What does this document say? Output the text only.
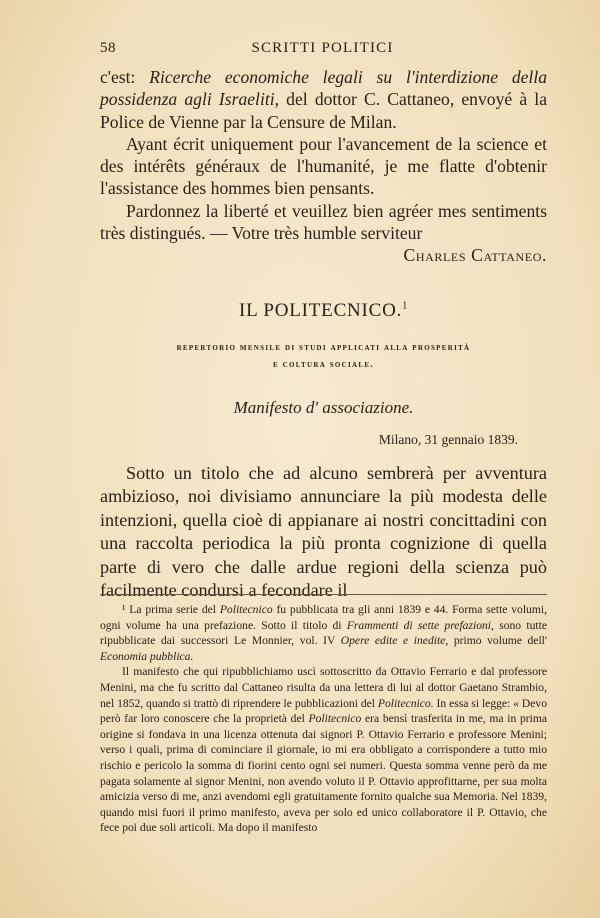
58	SCRITTI POLITICI

c'est: Ricerche economiche legali su l'interdizione della possidenza agli Israeliti, del dottor C. Cattaneo, envoyé à la Police de Vienne par la Censure de Milan.

Ayant écrit uniquement pour l'avancement de la science et des intérêts généraux de l'humanité, je me flatte d'obtenir l'assistance des hommes bien pensants.

Pardonnez la liberté et veuillez bien agréer mes sentiments très distingués. — Votre très humble serviteur

Charles Cattaneo.

IL POLITECNICO.$^1$
repertorio mensile di studi applicati alla prosperità
e coltura sociale.
Manifesto d' associazione.
Milano, 31 gennaio 1839.

Sotto un titolo che ad alcuno sembrerà per avventura ambizioso, noi divisiamo annunciare la più modesta delle intenzioni, quella cioè di appianare ai nostri concittadini con una raccolta periodica la più pronta cognizione di quella parte di vero che dalle ardue regioni della scienza può facilmente condursi a fecondare il

¹ La prima serie del Politecnico fu pubblicata tra gli anni 1839 e 44. Forma sette volumi, ogni volume ha una prefazione. Sotto il titolo di Frammenti di sette prefazioni, sono tutte ripubblicate dai successori Le Monnier, vol. IV Opere edite e inedite, primo volume dell' Economia pubblica.

Il manifesto che qui ripubblichiamo uscì sottoscritto da Ottavio Ferrario e dal professore Menini, ma che fu scritto dal Cattaneo risulta da una lettera di lui al dottor Gaetano Strambio, nel 1852, quando si trattò di riprendere le pubblicazioni del Politecnico. In essa si legge: « Devo però far loro conoscere che la proprietà del Politecnico era bensì trasferita in me, ma in prima origine si fondava in una licenza ottenuta dai signori P. Ottavio Ferrario e professore Menini; verso i quali, prima di cominciare il giornale, io mi era obbligato a corrispondere a tutto mio rischio e pericolo la somma di fiorini cento ogni sei numeri. Questa somma venne però da me pagata solamente al signor Menini, non avendo voluto il P. Ottavio approfittarne, per sua molta amicizia verso di me, anzi avendomi egli gratuitamente fornito qualche sua Memoria. Nel 1839, quando misi fuori il primo manifesto, aveva per solo ed unico collaboratore il P. Ottavio, che fece poi due soli articoli. Ma dopo il manifesto
